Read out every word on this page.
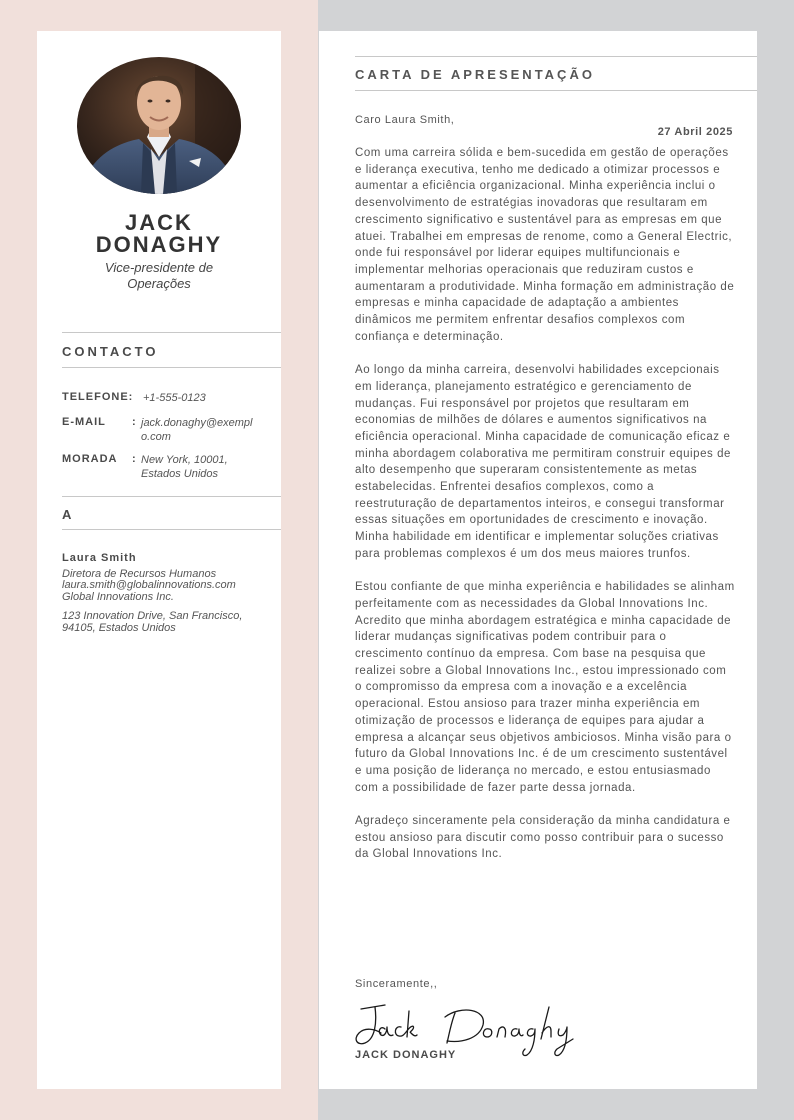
JACK
DONAGHY
Vice-presidente de Operações
CONTACTO
TELEFONE: +1-555-0123
E-MAIL : jack.donaghy@exemplo.com
MORADA : New York, 10001, Estados Unidos
A
Laura Smith
Diretora de Recursos Humanos
laura.smith@globalinnovations.com
Global Innovations Inc.
123 Innovation Drive, San Francisco, 94105, Estados Unidos
CARTA DE APRESENTAÇÃO
Caro Laura Smith,
27 Abril 2025

Com uma carreira sólida e bem-sucedida em gestão de operações e liderança executiva, tenho me dedicado a otimizar processos e aumentar a eficiência organizacional. Minha experiência inclui o desenvolvimento de estratégias inovadoras que resultaram em crescimento significativo e sustentável para as empresas em que atuei. Trabalhei em empresas de renome, como a General Electric, onde fui responsável por liderar equipes multifuncionais e implementar melhorias operacionais que reduziram custos e aumentaram a produtividade. Minha formação em administração de empresas e minha capacidade de adaptação a ambientes dinâmicos me permitem enfrentar desafios complexos com confiança e determinação.

Ao longo da minha carreira, desenvolvi habilidades excepcionais em liderança, planejamento estratégico e gerenciamento de mudanças. Fui responsável por projetos que resultaram em economias de milhões de dólares e aumentos significativos na eficiência operacional. Minha capacidade de comunicação eficaz e minha abordagem colaborativa me permitiram construir equipes de alto desempenho que superaram consistentemente as metas estabelecidas. Enfrentei desafios complexos, como a reestruturação de departamentos inteiros, e consegui transformar essas situações em oportunidades de crescimento e inovação. Minha habilidade em identificar e implementar soluções criativas para problemas complexos é um dos meus maiores trunfos.

Estou confiante de que minha experiência e habilidades se alinham perfeitamente com as necessidades da Global Innovations Inc. Acredito que minha abordagem estratégica e minha capacidade de liderar mudanças significativas podem contribuir para o crescimento contínuo da empresa. Com base na pesquisa que realizei sobre a Global Innovations Inc., estou impressionado com o compromisso da empresa com a inovação e a excelência operacional. Estou ansioso para trazer minha experiência em otimização de processos e liderança de equipes para ajudar a empresa a alcançar seus objetivos ambiciosos. Minha visão para o futuro da Global Innovations Inc. é de um crescimento sustentável e uma posição de liderança no mercado, e estou entusiasmado com a possibilidade de fazer parte dessa jornada.

Agradeço sinceramente pela consideração da minha candidatura e estou ansioso para discutir como posso contribuir para o sucesso da Global Innovations Inc.

Sinceramente,,
JACK DONAGHY
